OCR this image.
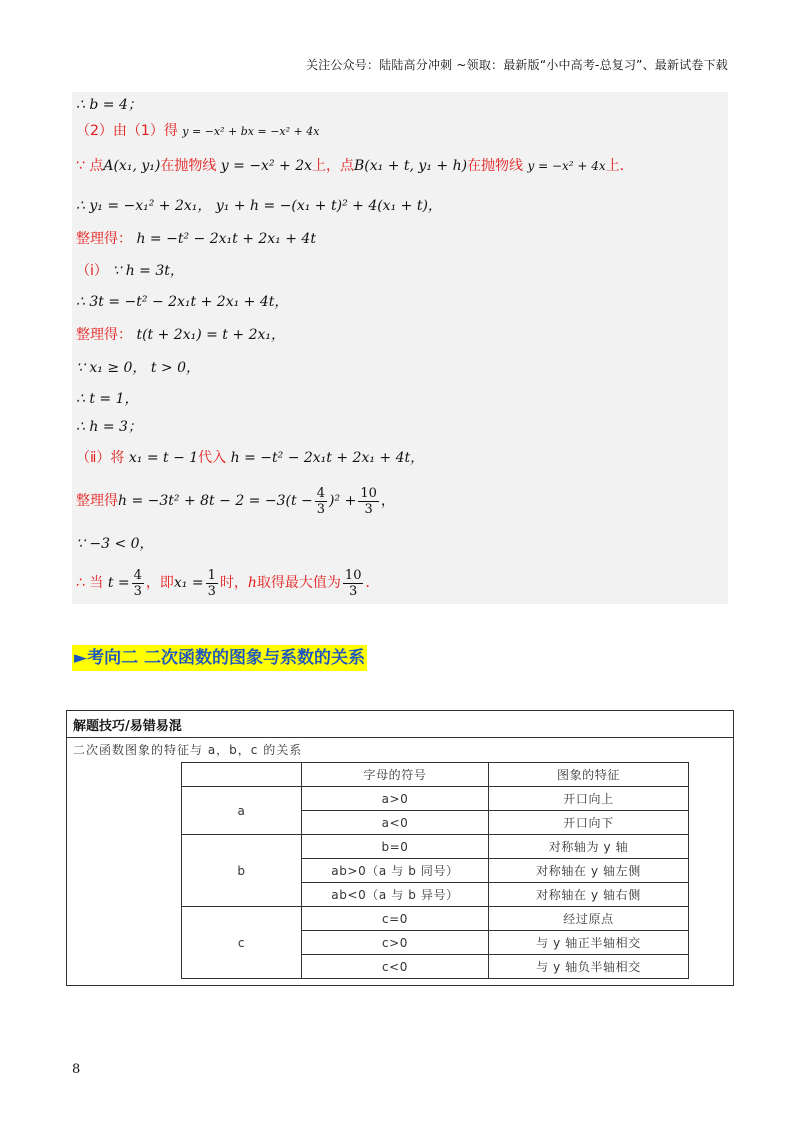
关注公众号：陆陆高分冲刺 ~领取：最新版“小中高考-总复习”、最新试卷下载
∴ b = 4；
（2）由（1）得 y = −x² + bx = −x² + 4x
∵ 点A(x₁, y₁)在抛物线 y = −x² + 2x上，点B(x₁ + t, y₁ + h)在抛物线 y = −x² + 4x上．
∴ y₁ = −x₁² + 2x₁， y₁ + h = −(x₁ + t)² + 4(x₁ + t)，
整理得： h = −t² − 2x₁t + 2x₁ + 4t
（ⅰ） ∵ h = 3t，
∴ 3t = −t² − 2x₁t + 2x₁ + 4t，
整理得： t(t + 2x₁) = t + 2x₁，
∵ x₁ ≥ 0， t > 0，
∴ t = 1，
∴ h = 3；
（ⅱ）将 x₁ = t − 1代入 h = −t² − 2x₁t + 2x₁ + 4t，
整理得$h = -3t^2 + 8t - 2 = -3(t - \frac{4}{3} )^2 + \frac{10}{3}$ ，
∵ −3 < 0，
∴ 当 $t = \frac{4}{3}$ ，即$x_1 = \frac{1}{3}$ 时，h取得最大值为 $\frac{10}{3}$ ．
►考向二 二次函数的图象与系数的关系
解题技巧/易错易混
二次函数图象的特征与 a，b，c 的关系
	字母的符号	图象的特征
a	a>0	开口向上
	a<0	开口向下
b	b=0	对称轴为 y 轴
	ab>0（a 与 b 同号）	对称轴在 y 轴左侧
	ab<0（a 与 b 异号）	对称轴在 y 轴右侧
c	c=0	经过原点
	c>0	与 y 轴正半轴相交
	c<0	与 y 轴负半轴相交
8
